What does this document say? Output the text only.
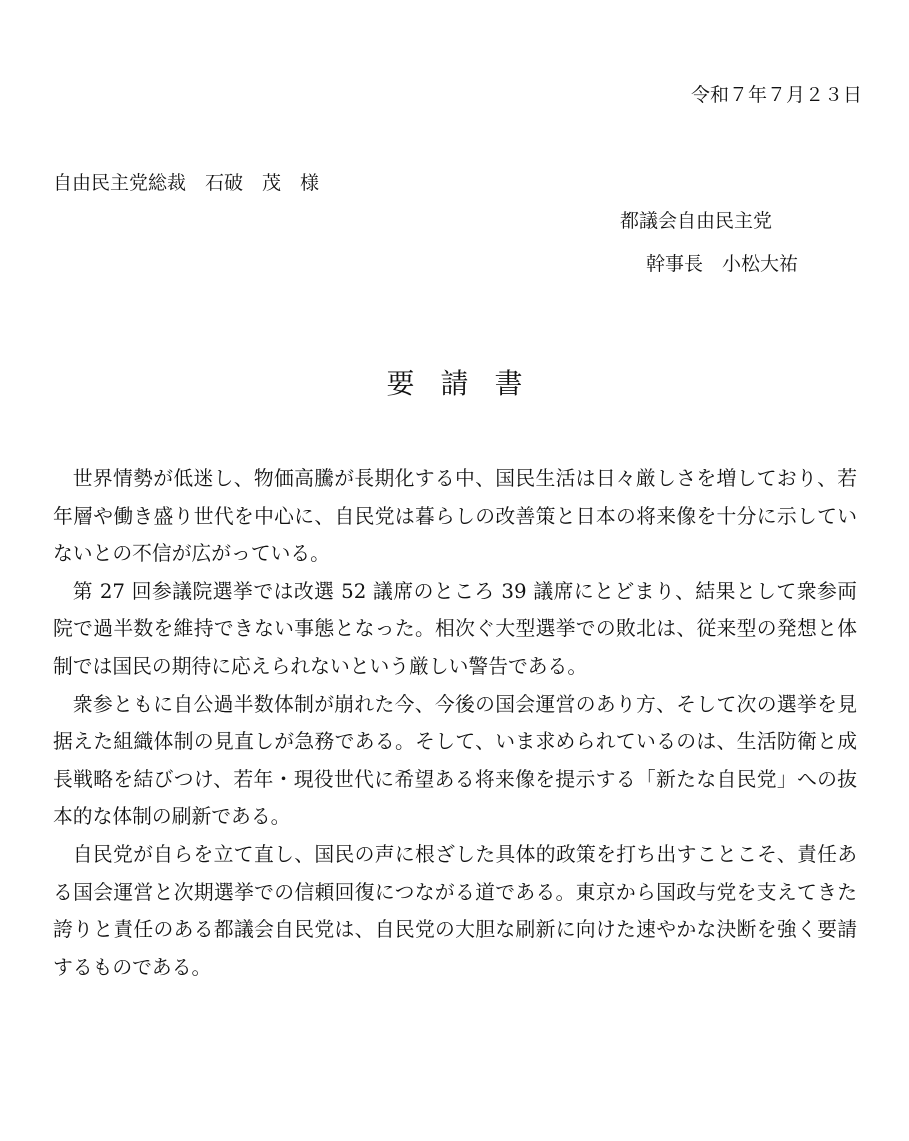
令和７年７月２３日
自由民主党総裁　石破　茂　様
都議会自由民主党
幹事長　小松大祐
要請書

世界情勢が低迷し、物価高騰が長期化する中、国民生活は日々厳しさを増しており、若年層や働き盛り世代を中心に、自民党は暮らしの改善策と日本の将来像を十分に示していないとの不信が広がっている。

第 27 回参議院選挙では改選 52 議席のところ 39 議席にとどまり、結果として衆参両院で過半数を維持できない事態となった。相次ぐ大型選挙での敗北は、従来型の発想と体制では国民の期待に応えられないという厳しい警告である。

衆参ともに自公過半数体制が崩れた今、今後の国会運営のあり方、そして次の選挙を見据えた組織体制の見直しが急務である。そして、いま求められているのは、生活防衛と成長戦略を結びつけ、若年・現役世代に希望ある将来像を提示する「新たな自民党」への抜本的な体制の刷新である。

自民党が自らを立て直し、国民の声に根ざした具体的政策を打ち出すことこそ、責任ある国会運営と次期選挙での信頼回復につながる道である。東京から国政与党を支えてきた誇りと責任のある都議会自民党は、自民党の大胆な刷新に向けた速やかな決断を強く要請するものである。
